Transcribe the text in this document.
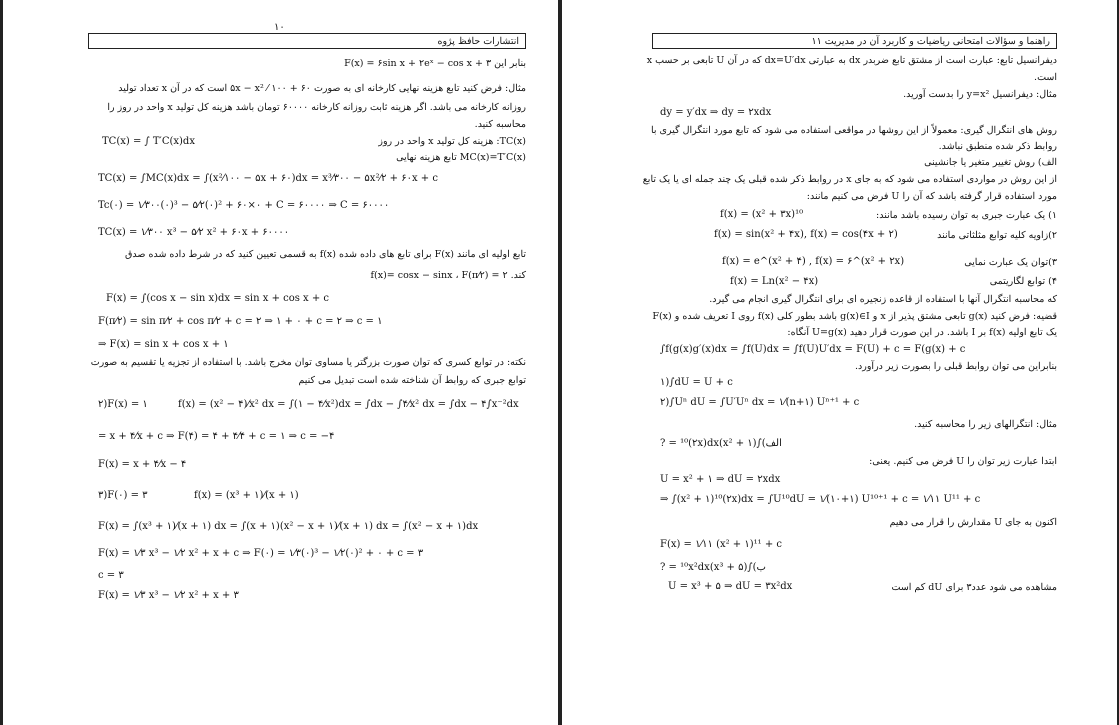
انتشارات حافظ پژوه
۱۰
بنابر این F(x) = ۶sin x + ۲eˣ − cos x + ۳
مثال: فرض کنید تابع هزینه نهایی کارخانه ای به صورت ۶۰ + ۵x − x² ⁄ ۱۰۰ است که در آن x تعداد تولید
روزانه کارخانه می باشد. اگر هزینه ثابت روزانه کارخانه ۶۰۰۰۰ تومان باشد هزینه کل تولید x واحد در روز را
محاسبه کنید.
TC(x): هزینه کل تولید x واحد در روز
TC(x) = ∫ T′C(x)dx
MC(x)=T′C(x) تابع هزینه نهایی
TC(x) = ∫MC(x)dx = ∫(x²⁄۱۰۰ − ۵x + ۶۰)dx = x³⁄۳۰۰ − ۵x²⁄۲ + ۶۰x + c
Tc(۰) = ۱⁄۳۰۰(۰)³ − ۵⁄۲(۰)² + ۶۰×۰ + C = ۶۰۰۰۰ ⇒ C = ۶۰۰۰۰
TC(x) = ۱⁄۳۰۰ x³ − ۵⁄۲ x² + ۶۰x + ۶۰۰۰۰
تابع اولیه ای مانند F(x) برای تابع های داده شده f(x) به قسمی تعیین کنید که در شرط داده شده صدق
کند. f(x)= cosx − sinx ، F(π⁄۲) = ۲
F(x) = ∫(cos x − sin x)dx = sin x + cos x + c
F(π⁄۲) = sin π⁄۲ + cos π⁄۲ + c = ۲ ⇒ ۱ + ۰ + c = ۲ ⇒ c = ۱
⇒ F(x) = sin x + cos x + ۱
نکته: در توابع کسری که توان صورت بزرگتر یا مساوی توان مخرج باشد. با استفاده از تجزیه یا تقسیم به صورت
توابع جبری که روابط آن شناخته شده است تبدیل می کنیم
۲)F(x) = ۱	f(x) = (x² − ۴)⁄x² dx = ∫(۱ − ۴⁄x²)dx = ∫dx − ∫۴⁄x² dx = ∫dx − ۴∫x⁻²dx
= x + ۴⁄x + c ⇒ F(۴) = ۴ + ۴⁄۴ + c = ۱ ⇒ c = −۴
F(x) = x + ۴⁄x − ۴
۳)F(۰) = ۳	f(x) = (x³ + ۱)⁄(x + ۱)
F(x) = ∫(x³ + ۱)⁄(x + ۱) dx = ∫(x + ۱)(x² − x + ۱)⁄(x + ۱) dx = ∫(x² − x + ۱)dx
F(x) = ۱⁄۳ x³ − ۱⁄۲ x² + x + c ⇒ F(۰) = ۱⁄۳(۰)³ − ۱⁄۲(۰)² + ۰ + c = ۳
c = ۳
F(x) = ۱⁄۳ x³ − ۱⁄۲ x² + x + ۳
راهنما و سؤالات امتحانی ریاضیات و کاربرد آن در مدیریت ۱۱
دیفرانسیل تابع: عبارت است از مشتق تابع ضربدر dx به عبارتی dx=U′dx که در آن U تابعی بر حسب x
است.
مثال: دیفرانسیل y=x² را بدست آورید.
dy = y′dx ⇒ dy = ۲xdx
روش های انتگرال گیری: معمولاً از این روشها در مواقعی استفاده می شود که تابع مورد انتگرال گیری با
روابط ذکر شده منطبق نباشد.
الف) روش تغییر متغیر یا جانشینی
از این روش در مواردی استفاده می شود که به جای x در روابط ذکر شده قبلی یک چند جمله ای یا یک تابع
مورد استفاده قرار گرفته باشد که آن را U فرض می کنیم مانند:
۱) یک عبارت جبری به توان رسیده باشد مانند:
f(x) = (x² + ۳x)¹⁰
۲)زاویه کلیه توابع مثلثاتی مانند
f(x) = sin(x² + ۴x), f(x) = cos(۴x + ۲)
۳)توان یک عبارت نمایی
f(x) = e^(x² + ۴) , f(x) = ۶^(x² + ۲x)
۴) توابع لگاریتمی
f(x) = Ln(x² − ۴x)
که محاسبه انتگرال آنها با استفاده از قاعده زنجیره ای برای انتگرال گیری انجام می گیرد.
قضیه: فرض کنید g(x) تابعی مشتق پذیر از x و g(x)∈I باشد بطور کلی f(x) روی I تعریف شده و F(x)
یک تابع اولیه f(x) بر I باشد. در این صورت قرار دهید U=g(x) آنگاه:
∫f(g(x)g′(x)dx = ∫f(U)dx = ∫f(U)U′dx = F(U) + c = F(g(x) + c
بنابراین می توان روابط قبلی را بصورت زیر درآورد.
۱)∫dU = U + c
۲)∫Uⁿ dU = ∫U′Uⁿ dx = ۱⁄(n+۱) Uⁿ⁺¹ + c
مثال: انتگرالهای زیر را محاسبه کنید.
الف)∫(x² + ۱)¹⁰(۲x)dx = ?
ابتدا عبارت زیر توان را U فرض می کنیم. یعنی:
U = x² + ۱ ⇒ dU = ۲xdx
⇒ ∫(x² + ۱)¹⁰(۲x)dx = ∫U¹⁰dU = ۱⁄(۱۰+۱) U¹⁰⁺¹ + c = ۱⁄۱۱ U¹¹ + c
اکنون به جای U مقدارش را قرار می دهیم
F(x) = ۱⁄۱۱ (x² + ۱)¹¹ + c
ب)∫(x³ + ۵)¹⁰x²dx = ?
مشاهده می شود عدد۳ برای dU کم است
U = x³ + ۵ ⇒ dU = ۳x²dx
